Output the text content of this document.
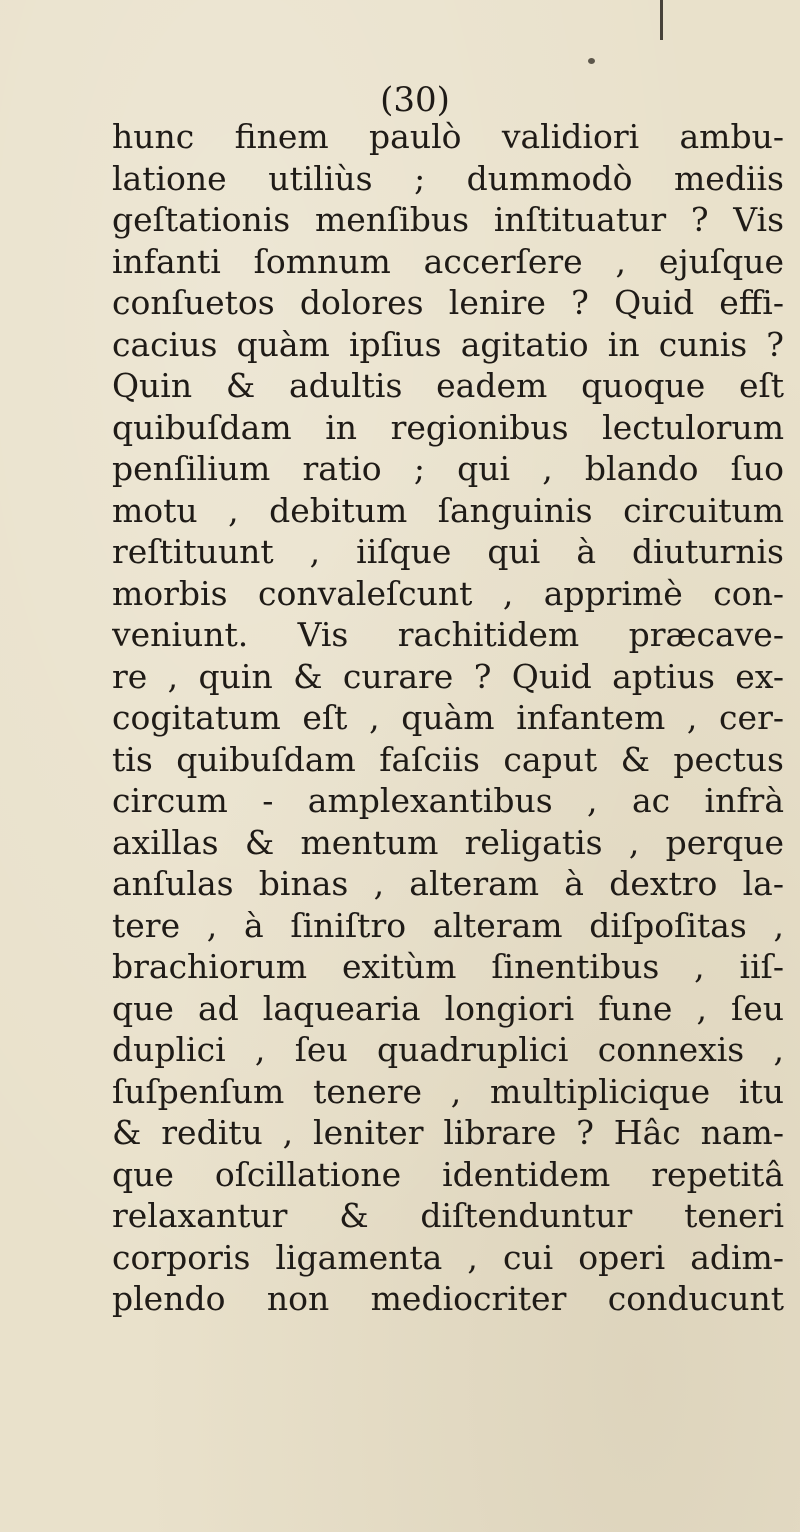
(30)
hunc finem paulò validiori ambu-
latione utiliùs ; dummodò mediis
geſtationis menſibus inſtituatur ? Vis
infanti ſomnum accerſere , ejuſque
conſuetos dolores lenire ? Quid effi-
cacius quàm ipſius agitatio in cunis ?
Quin & adultis eadem quoque eſt
quibuſdam in regionibus lectulorum
penſilium ratio ; qui , blando ſuo
motu , debitum ſanguinis circuitum
reſtituunt , iiſque qui à diuturnis
morbis convaleſcunt , apprimè con-
veniunt. Vis rachitidem præcave-
re , quin & curare ? Quid aptius ex-
cogitatum eſt , quàm infantem , cer-
tis quibuſdam faſciis caput & pectus
circum - amplexantibus , ac infrà
axillas & mentum religatis , perque
anſulas binas , alteram à dextro la-
tere , à ſiniſtro alteram diſpoſitas ,
brachiorum exitùm ſinentibus , iiſ-
que ad laquearia longiori fune , ſeu
duplici , ſeu quadruplici connexis ,
ſuſpenſum tenere , multiplicique itu
& reditu , leniter librare ? Hâc nam-
que oſcillatione identidem repetitâ
relaxantur & diſtenduntur teneri
corporis ligamenta , cui operi adim-
plendo non mediocriter conducunt
